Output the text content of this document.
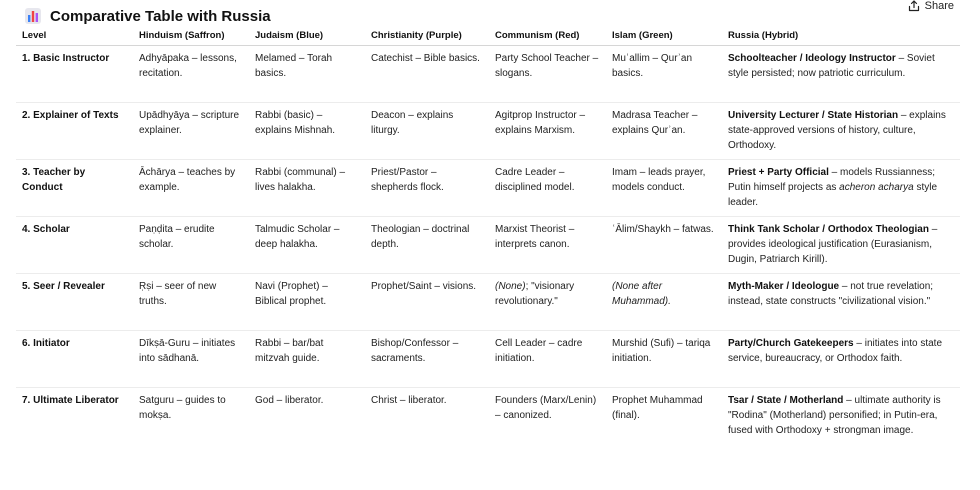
Comparative Table with Russia
Share
Level	Hinduism (Saffron)	Judaism (Blue)	Christianity (Purple)	Communism (Red)	Islam (Green)	Russia (Hybrid)
1. Basic Instructor	Adhyāpaka – lessons, recitation.	Melamed – Torah basics.	Catechist – Bible basics.	Party School Teacher – slogans.	Muʿallim – Qurʾan basics.	Schoolteacher / Ideology Instructor – Soviet style persisted; now patriotic curriculum.
2. Explainer of Texts	Upādhyāya – scripture explainer.	Rabbi (basic) – explains Mishnah.	Deacon – explains liturgy.	Agitprop Instructor – explains Marxism.	Madrasa Teacher – explains Qurʾan.	University Lecturer / State Historian – explains state-approved versions of history, culture, Orthodoxy.
3. Teacher by Conduct	Āchārya – teaches by example.	Rabbi (communal) – lives halakha.	Priest/Pastor – shepherds flock.	Cadre Leader – disciplined model.	Imam – leads prayer, models conduct.	Priest + Party Official – models Russianness; Putin himself projects as acheron acharya style leader.
4. Scholar	Paṇḍita – erudite scholar.	Talmudic Scholar – deep halakha.	Theologian – doctrinal depth.	Marxist Theorist – interprets canon.	ʿĀlim/Shaykh – fatwas.	Think Tank Scholar / Orthodox Theologian – provides ideological justification (Eurasianism, Dugin, Patriarch Kirill).
5. Seer / Revealer	Ṛṣi – seer of new truths.	Navi (Prophet) – Biblical prophet.	Prophet/Saint – visions.	(None); "visionary revolutionary."	(None after Muhammad).	Myth-Maker / Ideologue – not true revelation; instead, state constructs "civilizational vision."
6. Initiator	Dīkṣā-Guru – initiates into sādhanā.	Rabbi – bar/bat mitzvah guide.	Bishop/Confessor – sacraments.	Cell Leader – cadre initiation.	Murshid (Sufi) – tariqa initiation.	Party/Church Gatekeepers – initiates into state service, bureaucracy, or Orthodox faith.
7. Ultimate Liberator	Satguru – guides to mokṣa.	God – liberator.	Christ – liberator.	Founders (Marx/Lenin) – canonized.	Prophet Muhammad (final).	Tsar / State / Motherland – ultimate authority is "Rodina" (Motherland) personified; in Putin-era, fused with Orthodoxy + strongman image.
